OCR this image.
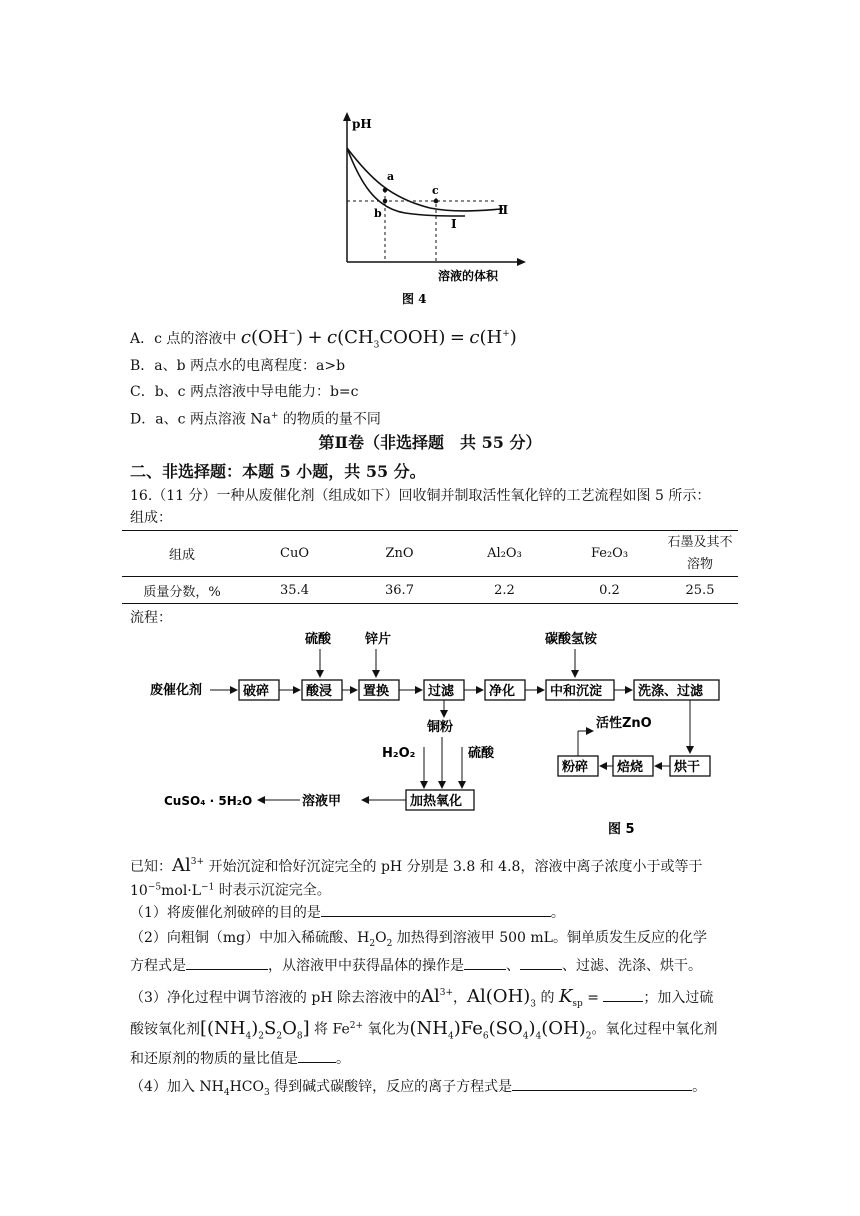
pH
a
b
c
Ⅱ
Ⅰ
溶液的体积
图 4
A．c 点的溶液中 $c(OH^-) + c(CH_3COOH) = c(H^+)$
B．a、b 两点水的电离程度：a>b
C．b、c 两点溶液中导电能力：b=c
D．a、c 两点溶液 Na+ 的物质的量不同
第Ⅱ卷（非选择题　共 55 分）
二、非选择题：本题 5 小题，共 55 分。
16.（11 分）一种从废催化剂（组成如下）回收铜并制取活性氧化锌的工艺流程如图 5 所示：
组成：
组成	CuO	ZnO	Al₂O₃	Fe₂O₃	石墨及其不
溶物
质量分数，%	35.4	36.7	2.2	0.2	25.5
流程：
硫酸	锌片	碳酸氢铵
废催化剂	破碎	酸浸 置换	过滤	净化	中和沉淀	洗涤、过滤
烘干
焙烧
粉碎
活性ZnO
铜粉
H₂O₂	硫酸
加热氧化
溶液甲
CuSO₄ · 5H₂O
图 5
已知：$Al^{3+}$ 开始沉淀和恰好沉淀完全的 pH 分别是 3.8 和 4.8，溶液中离子浓度小于或等于
$10^{-5}mol\cdot L^{-1}$ 时表示沉淀完全。
（1）将废催化剂破碎的目的是	。
（2）向粗铜（mg）中加入稀硫酸、$H_2O_2$ 加热得到溶液甲 500 mL。铜单质发生反应的化学
方程式是	，从溶液甲中获得晶体的操作是	、	、过滤、洗涤、烘干。
（3）净化过程中调节溶液的 pH 除去溶液中的$Al^{3+}$，$Al(OH)_3$ 的 $K_{sp}$ =	；加入过硫
酸铵氧化剂$[(NH_4)_2S_2O_8]$ 将 $Fe^{2+}$ 氧化为$(NH_4)Fe_6(SO_4)_4(OH)_2$。氧化过程中氧化剂
和还原剂的物质的量比值是	。
（4）加入 $NH_4HCO_3$ 得到碱式碳酸锌，反应的离子方程式是	。
